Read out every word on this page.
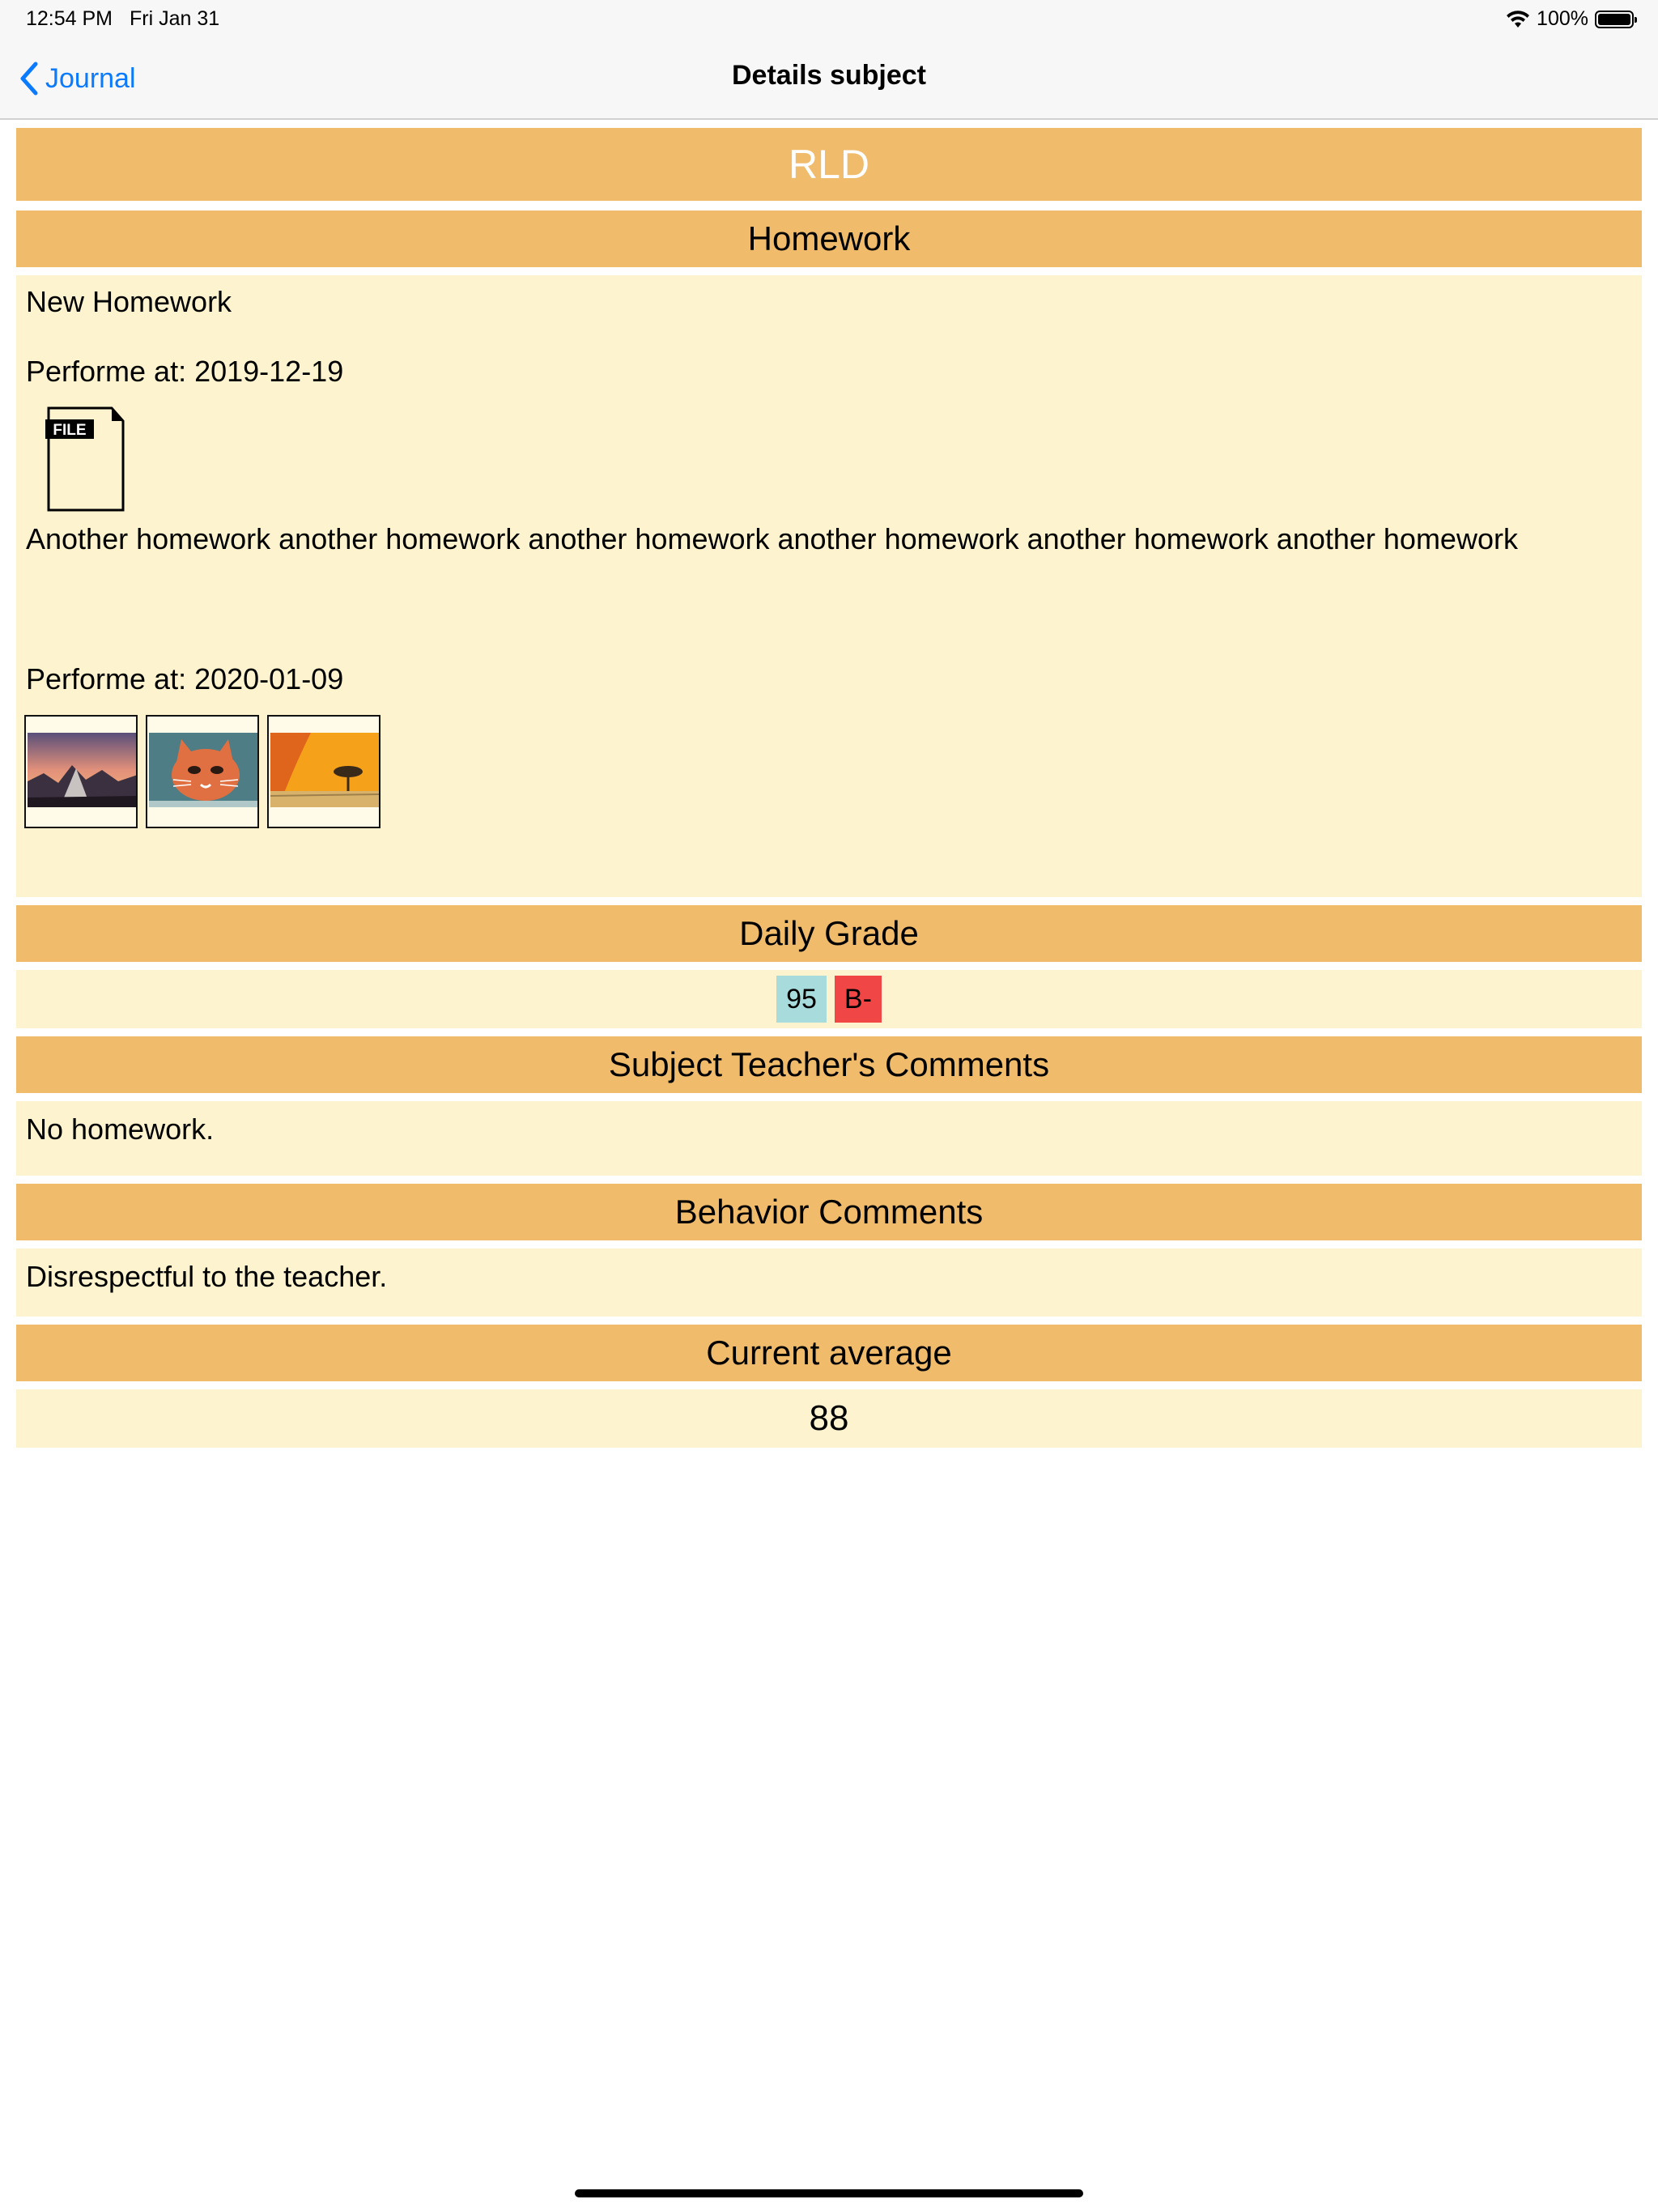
12:54 PM Fri Jan 31	100%
Journal	Details subject
RLD
Homework
New Homework
Performe at: 2019-12-19
FILE
Another homework another homework another homework another homework another homework another homework
Performe at: 2020-01-09
Daily Grade
95	B-
Subject Teacher's Comments
No homework.
Behavior Comments
Disrespectful to the teacher.
Current average
88
